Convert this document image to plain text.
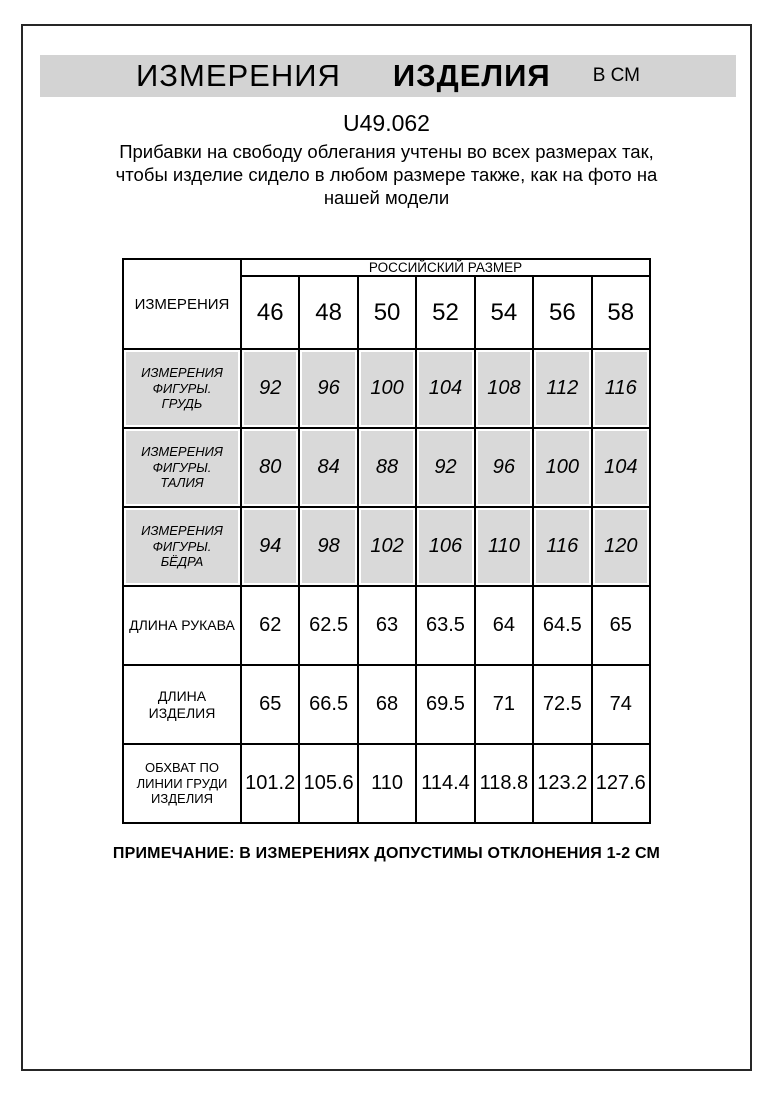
ИЗМЕРЕНИЯ ИЗДЕЛИЯ В СМ
U49.062
Прибавки на свободу облегания учтены во всех размерах так,
чтобы изделие сидело в любом размере также, как на фото на
нашей модели
ИЗМЕРЕНИЯ	РОССИЙСКИЙ РАЗМЕР						
	46	48	50	52	54	56	58
ИЗМЕРЕНИЯ ФИГУРЫ. ГРУДЬ	92	96	100	104	108	112	116
ИЗМЕРЕНИЯ ФИГУРЫ. ТАЛИЯ	80	84	88	92	96	100	104
ИЗМЕРЕНИЯ ФИГУРЫ. БЁДРА	94	98	102	106	110	116	120
ДЛИНА РУКАВА	62	62.5	63	63.5	64	64.5	65
ДЛИНА ИЗДЕЛИЯ	65	66.5	68	69.5	71	72.5	74
ОБХВАТ ПО ЛИНИИ ГРУДИ ИЗДЕЛИЯ	101.2	105.6	110	114.4	118.8	123.2	127.6
ПРИМЕЧАНИЕ: В ИЗМЕРЕНИЯХ ДОПУСТИМЫ ОТКЛОНЕНИЯ 1-2 СМ
